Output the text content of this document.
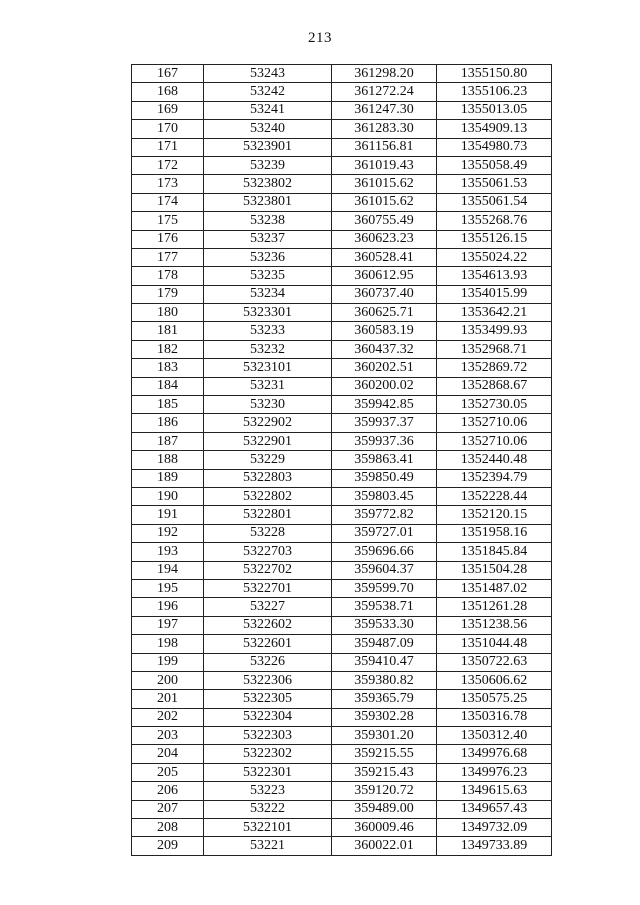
213
167	53243	361298.20	1355150.80
168	53242	361272.24	1355106.23
169	53241	361247.30	1355013.05
170	53240	361283.30	1354909.13
171	5323901	361156.81	1354980.73
172	53239	361019.43	1355058.49
173	5323802	361015.62	1355061.53
174	5323801	361015.62	1355061.54
175	53238	360755.49	1355268.76
176	53237	360623.23	1355126.15
177	53236	360528.41	1355024.22
178	53235	360612.95	1354613.93
179	53234	360737.40	1354015.99
180	5323301	360625.71	1353642.21
181	53233	360583.19	1353499.93
182	53232	360437.32	1352968.71
183	5323101	360202.51	1352869.72
184	53231	360200.02	1352868.67
185	53230	359942.85	1352730.05
186	5322902	359937.37	1352710.06
187	5322901	359937.36	1352710.06
188	53229	359863.41	1352440.48
189	5322803	359850.49	1352394.79
190	5322802	359803.45	1352228.44
191	5322801	359772.82	1352120.15
192	53228	359727.01	1351958.16
193	5322703	359696.66	1351845.84
194	5322702	359604.37	1351504.28
195	5322701	359599.70	1351487.02
196	53227	359538.71	1351261.28
197	5322602	359533.30	1351238.56
198	5322601	359487.09	1351044.48
199	53226	359410.47	1350722.63
200	5322306	359380.82	1350606.62
201	5322305	359365.79	1350575.25
202	5322304	359302.28	1350316.78
203	5322303	359301.20	1350312.40
204	5322302	359215.55	1349976.68
205	5322301	359215.43	1349976.23
206	53223	359120.72	1349615.63
207	53222	359489.00	1349657.43
208	5322101	360009.46	1349732.09
209	53221	360022.01	1349733.89
